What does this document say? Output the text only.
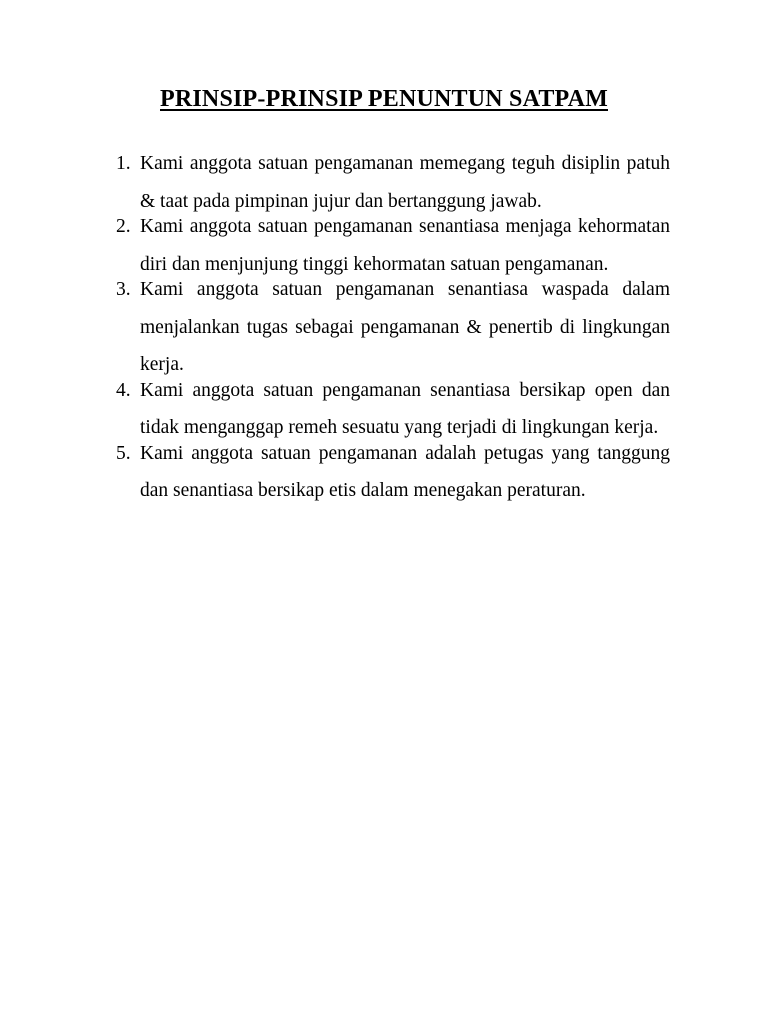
PRINSIP-PRINSIP PENUNTUN SATPAM
1. Kami anggota satuan pengamanan memegang teguh disiplin patuh & taat pada pimpinan jujur dan bertanggung jawab.
2. Kami anggota satuan pengamanan senantiasa menjaga kehormatan diri dan menjunjung tinggi kehormatan satuan pengamanan.
3. Kami anggota satuan pengamanan senantiasa waspada dalam menjalankan tugas sebagai pengamanan & penertib di lingkungan kerja.
4. Kami anggota satuan pengamanan senantiasa bersikap open dan tidak menganggap remeh sesuatu yang terjadi di lingkungan kerja.
5. Kami anggota satuan pengamanan adalah petugas yang tanggung dan senantiasa bersikap etis dalam menegakan peraturan.
